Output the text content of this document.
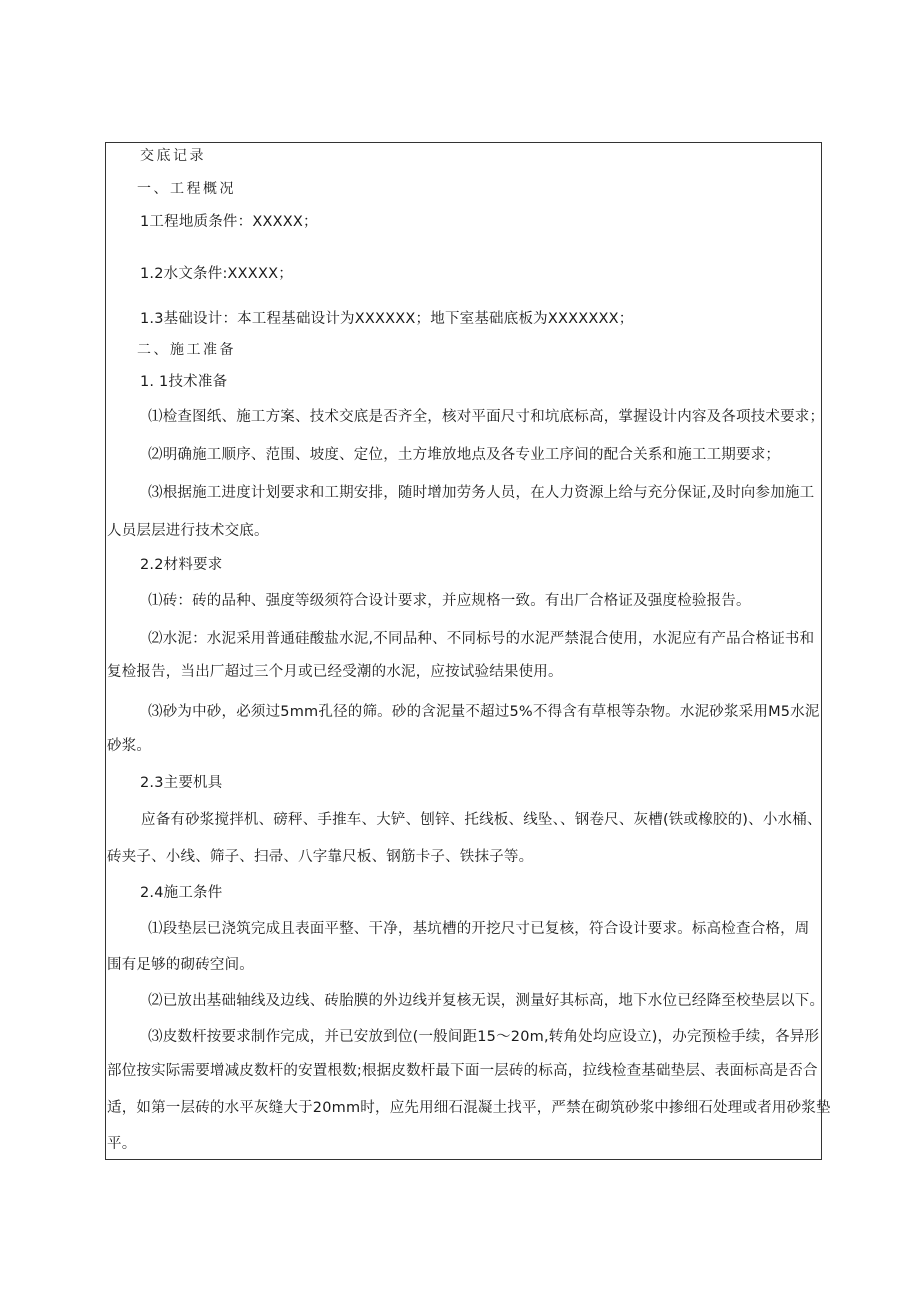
交底记录
一、工程概况
1工程地质条件：XXXXX；
1.2水文条件:XXXXX；
1.3基础设计：本工程基础设计为XXXXXX；地下室基础底板为XXXXXXX；
二、施工准备
1. 1技术准备
⑴检查图纸、施工方案、技术交底是否齐全，核对平面尺寸和坑底标高，掌握设计内容及各项技术要求；
⑵明确施工顺序、范围、坡度、定位，土方堆放地点及各专业工序间的配合关系和施工工期要求；
⑶根据施工进度计划要求和工期安排，随时增加劳务人员，在人力资源上给与充分保证,及时向参加施工
人员层层进行技术交底。
2.2材料要求
⑴砖：砖的品种、强度等级须符合设计要求，并应规格一致。有出厂合格证及强度检验报告。
⑵水泥：水泥采用普通硅酸盐水泥,不同品种、不同标号的水泥严禁混合使用，水泥应有产品合格证书和
复检报告，当出厂超过三个月或已经受潮的水泥，应按试验结果使用。
⑶砂为中砂，必须过5mm孔径的筛。砂的含泥量不超过5%不得含有草根等杂物。水泥砂浆采用M5水泥
砂浆。
2.3主要机具
应备有砂浆搅拌机、磅秤、手推车、大铲、刨锌、托线板、线坠、、钢卷尺、灰槽(铁或橡胶的)、小水桶、
砖夹子、小线、筛子、扫帚、八字靠尺板、钢筋卡子、铁抹子等。
2.4施工条件
⑴段垫层已浇筑完成且表面平整、干净，基坑槽的开挖尺寸已复核，符合设计要求。标高检查合格，周
围有足够的砌砖空间。
⑵已放出基础轴线及边线、砖胎膜的外边线并复核无误，测量好其标高，地下水位已经降至校垫层以下。
⑶皮数杆按要求制作完成，并已安放到位(一般间距15〜20m,转角处均应设立)，办完预检手续，各异形
部位按实际需要增减皮数杆的安置根数;根据皮数杆最下面一层砖的标高，拉线检查基础垫层、表面标高是否合
适，如第一层砖的水平灰缝大于20mm时，应先用细石混凝土找平，严禁在砌筑砂浆中掺细石处理或者用砂浆垫
平。
